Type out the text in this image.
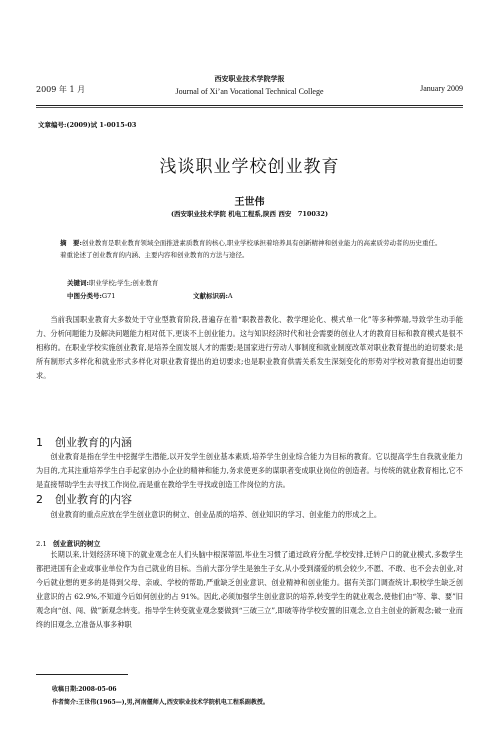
2009 年 1 月
西安职业技术学院学报
Journal of Xi’an Vocational Technical College	January 2009
文章编号:(2009)试 1-0015-03
浅谈职业学校创业教育
王世伟
(西安职业技术学院 机电工程系,陕西 西安　710032)
摘　要:创业教育是职业教育领域全面推进素质教育的核心,职业学校承担着培养具有创新精神和创业能力的高素质劳动者的历史重任。着重论述了创业教育的内涵、主要内容和创业教育的方法与途径。
关键词:职业学校;学生;创业教育
中图分类号:G71	文献标识码:A
当前我国职业教育大多数处于守业型教育阶段,普遍存在着“职教普教化、教学理论化、模式单一化”等多种弊端,导致学生动手能力、分析问题能力及解决问题能力相对低下,更谈不上创业能力。这与知识经济时代和社会需要的创业人才的教育目标和教育模式是很不相称的。在职业学校实施创业教育,是培养全面发展人才的需要;是国家进行劳动人事制度和就业制度改革对职业教育提出的迫切要求;是所有制形式多样化和就业形式多样化对职业教育提出的迫切要求;也是职业教育供需关系发生深刻变化的形势对学校对教育提出迫切要求。
1 创业教育的内涵
创业教育是指在学生中挖掘学生潜能,以开发学生创业基本素质,培养学生创业综合能力为目标的教育。它以提高学生自我就业能力为目的,尤其注重培养学生白手起家创办小企业的精神和能力,务求使更多的谋职者变成职业岗位的创造者。与传统的就业教育相比,它不是直接帮助学生去寻找工作岗位,而是重在教给学生寻找或创造工作岗位的方法。
2 创业教育的内容
创业教育的重点应放在学生创业意识的树立、创业品质的培养、创业知识的学习、创业能力的形成之上。
2.1 创业意识的树立
长期以来,计划经济环境下的就业观念在人们头脑中根深蒂固,毕业生习惯了通过政府分配,学校安排,迁转户口的就业模式,多数学生都把进国有企业或事业单位作为自己就业的目标。当前大部分学生是独生子女,从小受到溺爱的机会较少,不愿、不敢、也不会去创业,对今后就业想的更多的是得到父母、亲戚、学校的帮助,严重缺乏创业意识、创业精神和创业能力。据有关部门调查统计,职校学生缺乏创业意识的占 62.9%,不知道今后如何创业的占 91%。因此,必须加强学生创业意识的培养,转变学生的就业观念,使他们由“等、靠、要”旧观念向“创、闯、做”新观念转变。指导学生转变就业观念要做到“三破三立”,即破等待学校安置的旧观念,立自主创业的新观念;破一业而终的旧观念,立准备从事多种职
收稿日期:2008-05-06
作者简介:王世伟(1965—),男,河南偃师人,西安职业技术学院机电工程系副教授。
